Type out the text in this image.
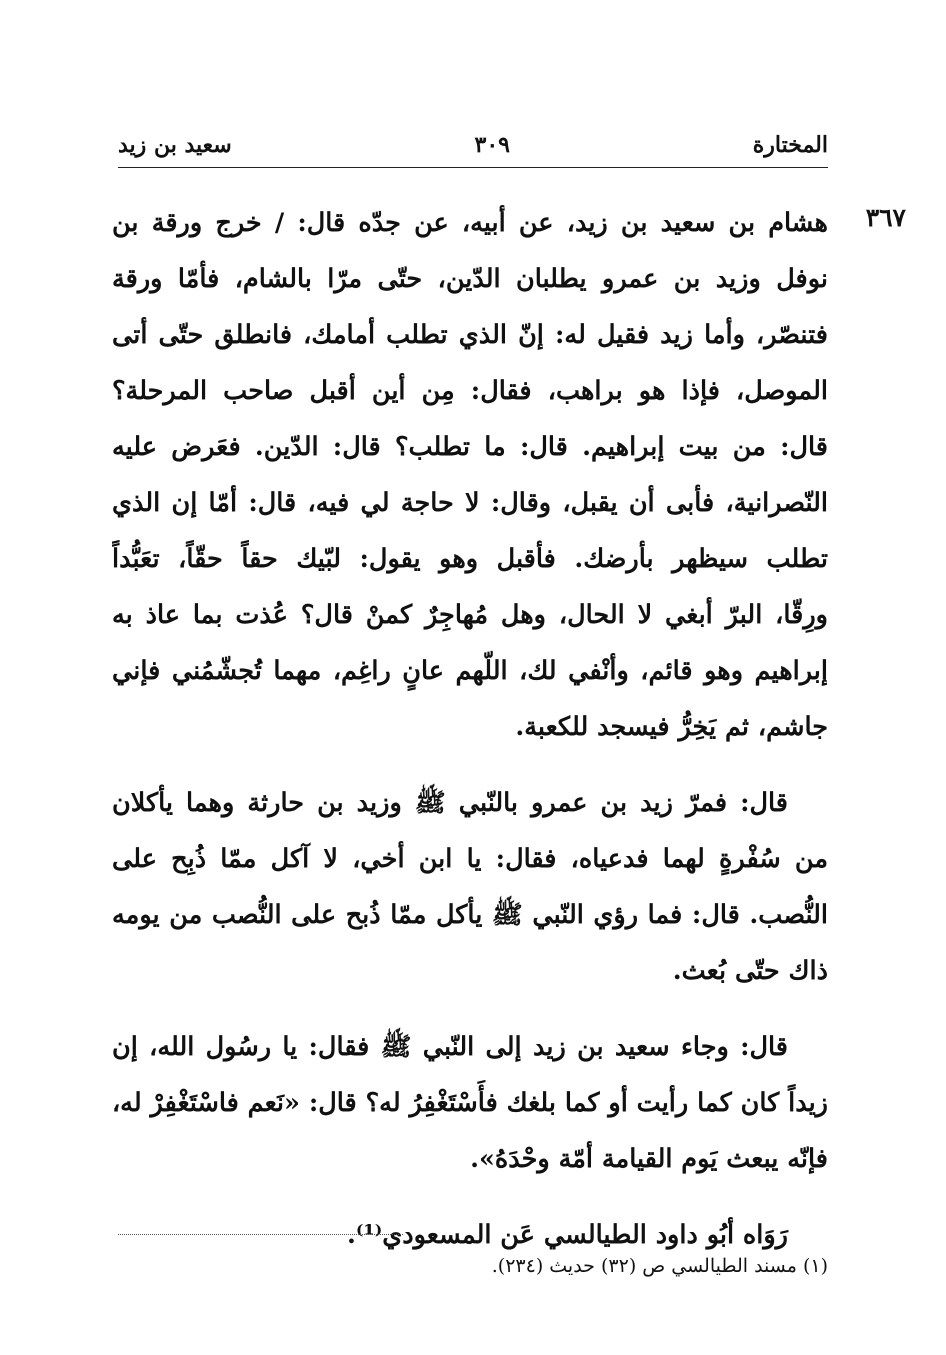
المختارة
٣٠٩
سعيد بن زيد
٣٦٧
هشام بن سعيد بن زيد، عن أبيه، عن جدّه قال: / خرج ورقة بن
نوفل وزيد بن عمرو يطلبان الدّين، حتّى مرّا بالشام، فأمّا ورقة
فتنصّر، وأما زيد فقيل له: إنّ الذي تطلب أمامك، فانطلق حتّى أتى
الموصل، فإذا هو براهب، فقال: مِن أين أقبل صاحب المرحلة؟
قال: من بيت إبراهيم. قال: ما تطلب؟ قال: الدّين. فعَرض عليه
النّصرانية، فأبى أن يقبل، وقال: لا حاجة لي فيه، قال: أمّا إن الذي
تطلب سيظهر بأرضك. فأقبل وهو يقول: لبّيك حقاً حقّاً، تعَبُّداً
ورِقّا، البرّ أبغي لا الحال، وهل مُهاجِرٌ كمنْ قال؟ عُذت بما عاذ به
إبراهيم وهو قائم، وأنْفي لك، اللّهم عانٍ راغِم، مهما تُجشّمُني فإني
جاشم، ثم يَخِرُّ فيسجد للكعبة.
قال: فمرّ زيد بن عمرو بالنّبي ﷺ وزيد بن حارثة وهما يأكلان
من سُفْرةٍ لهما فدعياه، فقال: يا ابن أخي، لا آكل ممّا ذُبِح على
النُّصب. قال: فما رؤي النّبي ﷺ يأكل ممّا ذُبح على النُّصب من يومه
ذاك حتّى بُعث.
قال: وجاء سعيد بن زيد إلى النّبي ﷺ فقال: يا رسُول الله، إن
زيداً كان كما رأيت أو كما بلغك فأَسْتَغْفِرُ له؟ قال: «نَعم فاسْتَغْفِرْ له،
فإنّه يبعث يَوم القيامة أمّة وحْدَهُ».
رَوَاه أبُو داود الطيالسي عَن المسعودي⁽¹⁾.
(١) مسند الطيالسي ص (٣٢) حديث (٢٣٤).
